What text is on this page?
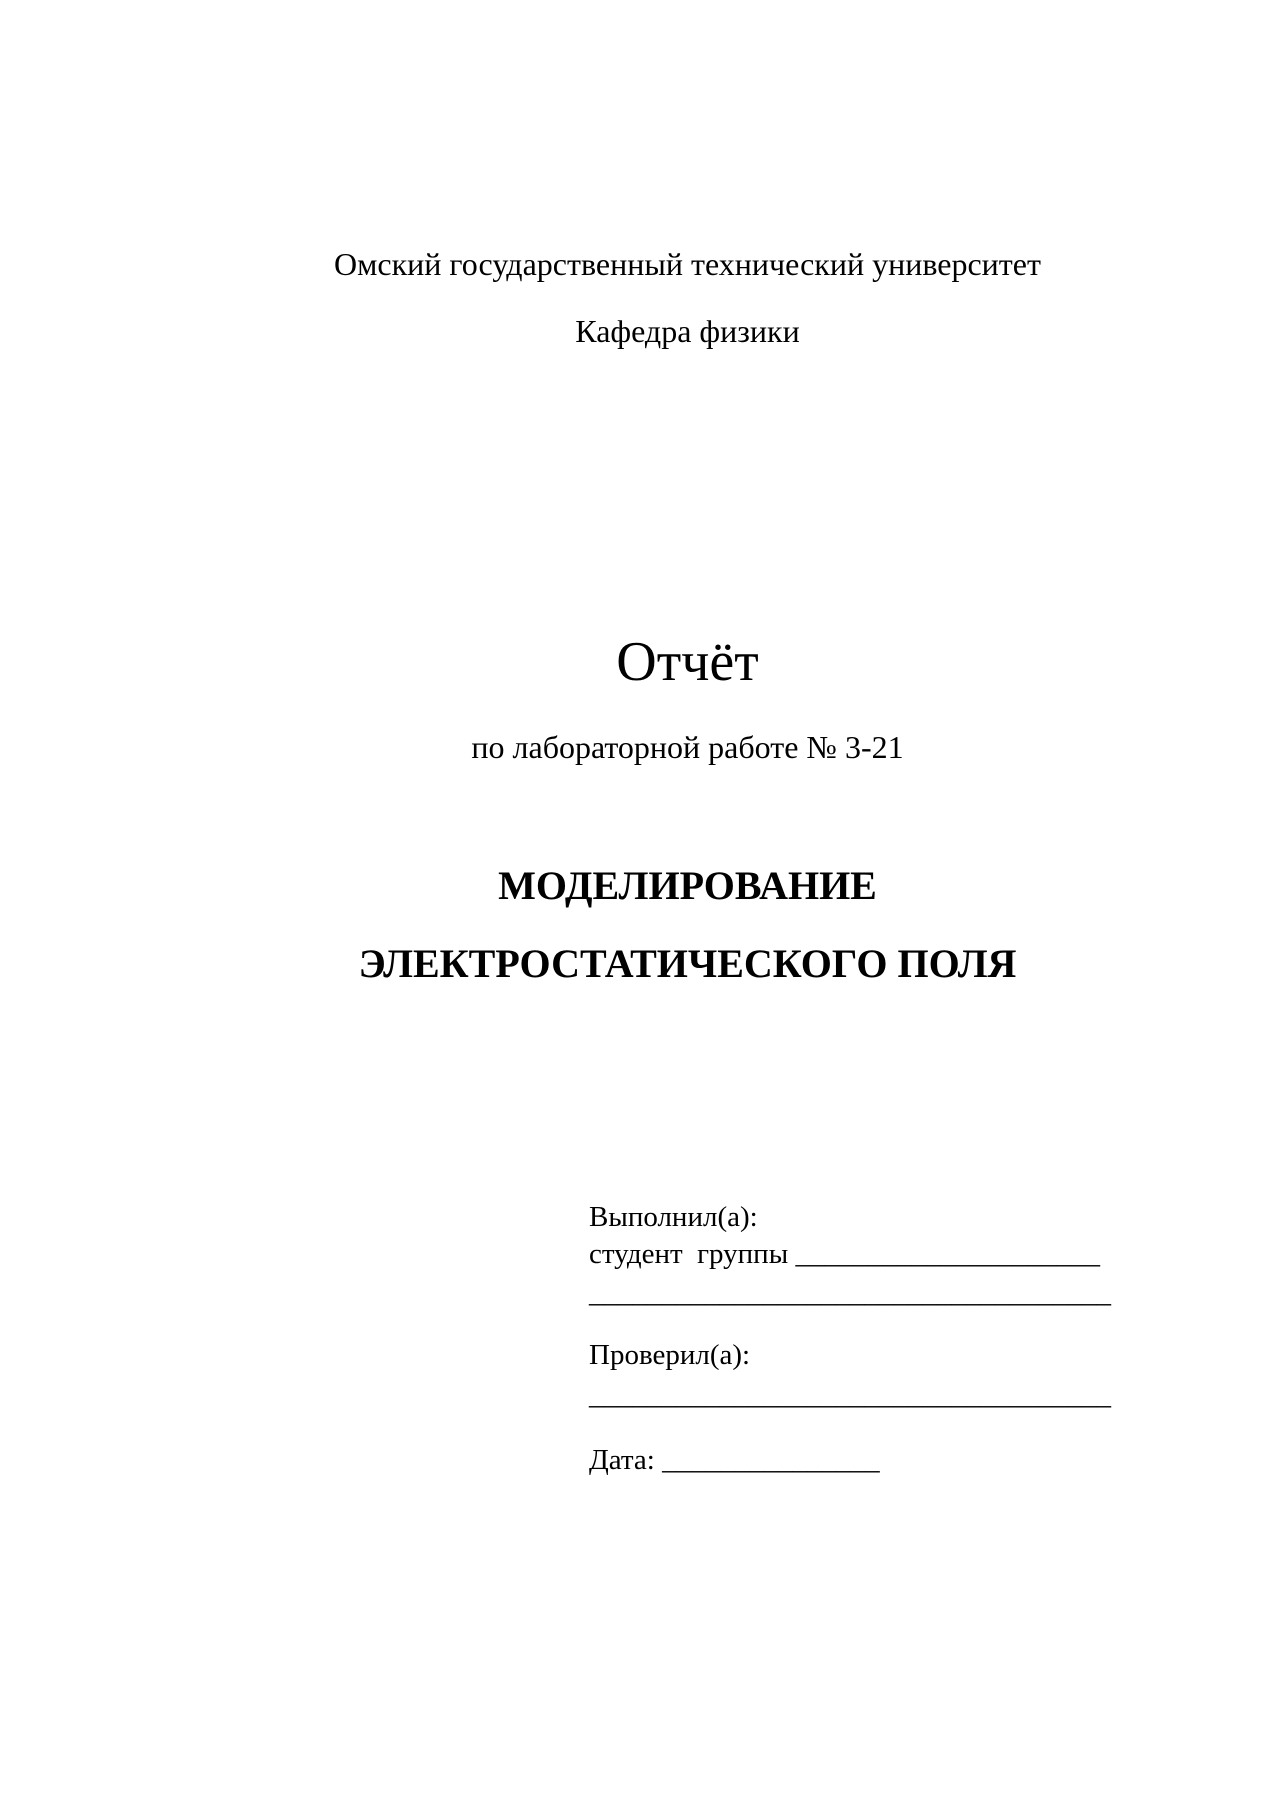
Омский государственный технический университет
Кафедра физики
Отчёт
по лабораторной работе № 3-21
МОДЕЛИРОВАНИЕ
ЭЛЕКТРОСТАТИЧЕСКОГО ПОЛЯ
Выполнил(а):
студент  группы _____________________
____________________________________
Проверил(а):
____________________________________
Дата: _______________
